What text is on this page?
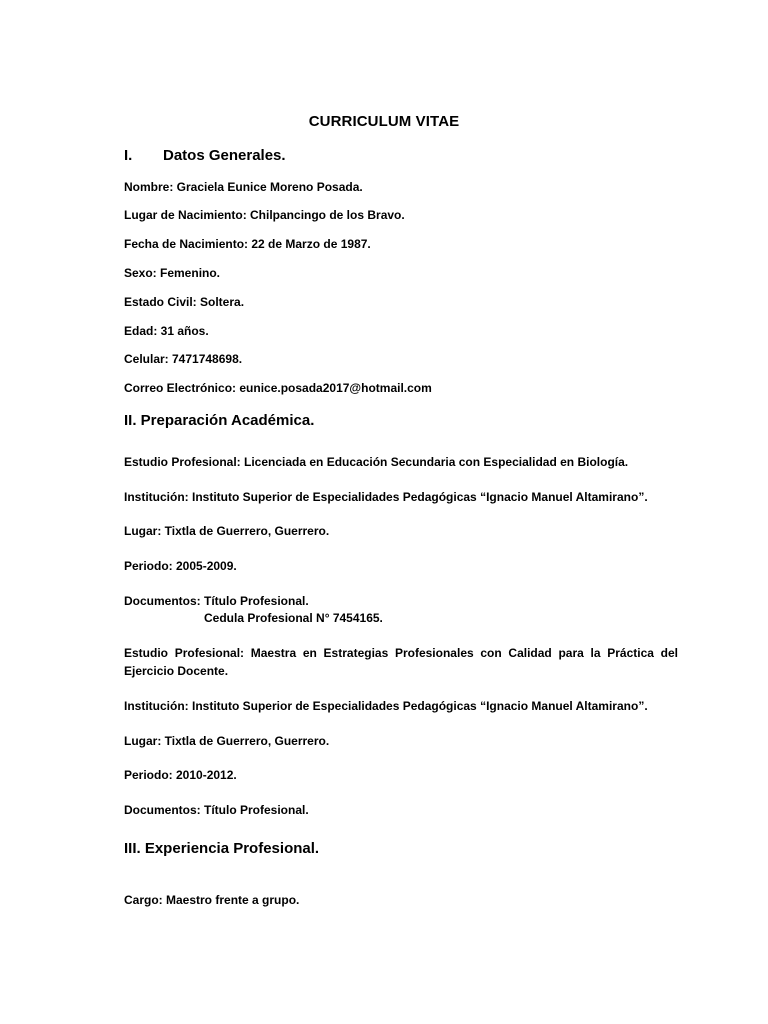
CURRICULUM VITAE
I. Datos Generales.
Nombre: Graciela Eunice Moreno Posada.
Lugar de Nacimiento: Chilpancingo de los Bravo.
Fecha de Nacimiento: 22 de Marzo de 1987.
Sexo: Femenino.
Estado Civil: Soltera.
Edad: 31 años.
Celular: 7471748698.
Correo Electrónico: eunice.posada2017@hotmail.com
II. Preparación Académica.
Estudio Profesional: Licenciada en Educación Secundaria con Especialidad en Biología.
Institución: Instituto Superior de Especialidades Pedagógicas “Ignacio Manuel Altamirano”.
Lugar: Tixtla de Guerrero, Guerrero.
Periodo: 2005-2009.
Documentos: Título Profesional.
Cedula Profesional N° 7454165.
Estudio Profesional: Maestra en Estrategias Profesionales con Calidad para la Práctica del
Ejercicio Docente.
Institución: Instituto Superior de Especialidades Pedagógicas “Ignacio Manuel Altamirano”.
Lugar: Tixtla de Guerrero, Guerrero.
Periodo: 2010-2012.
Documentos: Título Profesional.
III. Experiencia Profesional.
Cargo: Maestro frente a grupo.
